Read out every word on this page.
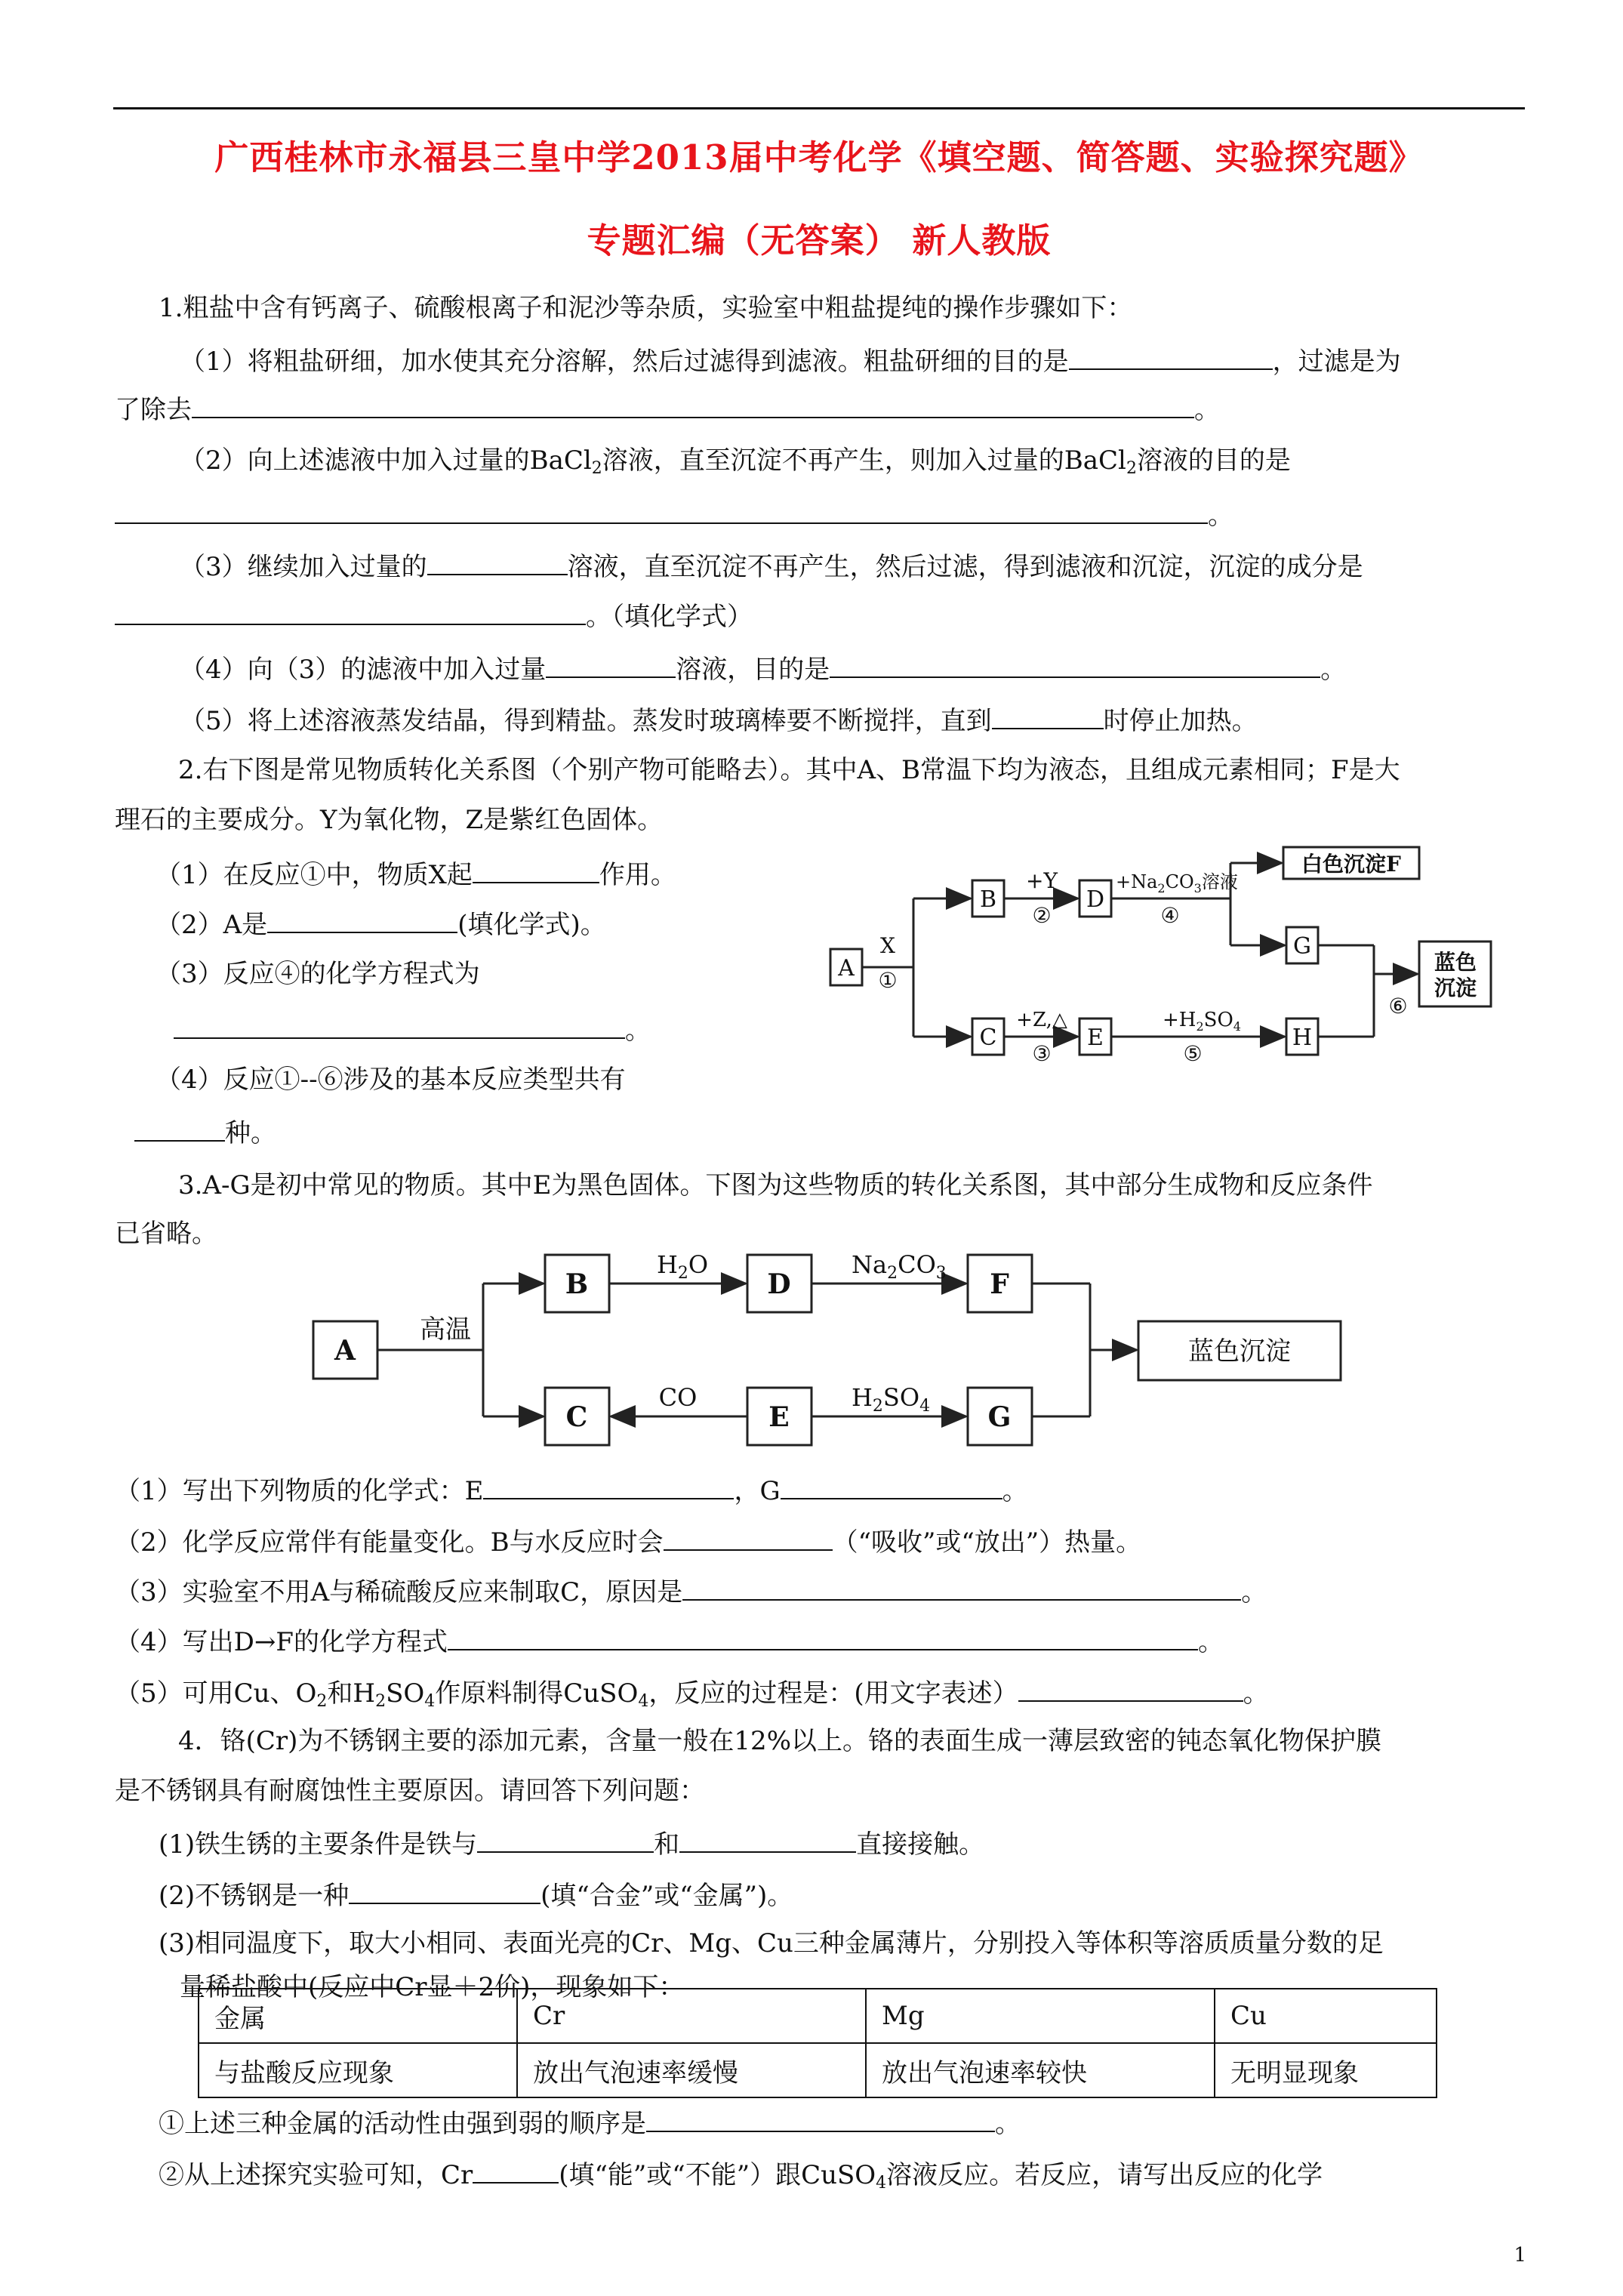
广西桂林市永福县三皇中学2013届中考化学《填空题、简答题、实验探究题》
专题汇编（无答案） 新人教版
1.粗盐中含有钙离子、硫酸根离子和泥沙等杂质，实验室中粗盐提纯的操作步骤如下：
（1）将粗盐研细，加水使其充分溶解，然后过滤得到滤液。粗盐研细的目的是	，过滤是为
了除去	。
（2）向上述滤液中加入过量的BaCl$_2$溶液，直至沉淀不再产生，则加入过量的BaCl$_2$溶液的目的是
。
（3）继续加入过量的	溶液，直至沉淀不再产生，然后过滤，得到滤液和沉淀，沉淀的成分是
。（填化学式）
（4）向（3）的滤液中加入过量	溶液，目的是	。
（5）将上述溶液蒸发结晶，得到精盐。蒸发时玻璃棒要不断搅拌，直到	时停止加热。
2.右下图是常见物质转化关系图（个别产物可能略去）。其中A、B常温下均为液态，且组成元素相同；F是大
理石的主要成分。Y为氧化物，Z是紫红色固体。
（1）在反应①中，物质X起	作用。
（2）A是	(填化学式)。
（3）反应④的化学方程式为
。
（4）反应①--⑥涉及的基本反应类型共有
种。
A
B	D
C	E
G
H
白色沉淀F
蓝色
沉淀
X
①
+Y
②	④
+Z,△
③	⑤
⑥
$+Na_2CO_3$溶液
$+H_2SO_4$
3.A-G是初中常见的物质。其中E为黑色固体。下图为这些物质的转化关系图，其中部分生成物和反应条件
已省略。
A
B	D	F
C	E	G
蓝色沉淀
高温
CO
$H_2O$	$Na_2CO_3$
$H_2SO_4$
（1）写出下列物质的化学式：E	，G	。
（2）化学反应常伴有能量变化。B与水反应时会	（“吸收”或“放出”）热量。
（3）实验室不用A与稀硫酸反应来制取C，原因是	。
（4）写出D→F的化学方程式	。
（5）可用Cu、$O_2$和$H_2SO_4$作原料制得CuSO$_4$，反应的过程是：(用文字表述）	。
4．铬(Cr)为不锈钢主要的添加元素，含量一般在12%以上。铬的表面生成一薄层致密的钝态氧化物保护膜
是不锈钢具有耐腐蚀性主要原因。请回答下列问题：
(1)铁生锈的主要条件是铁与	和	直接接触。
(2)不锈钢是一种	(填“合金”或“金属”)。
(3)相同温度下，取大小相同、表面光亮的Cr、Mg、Cu三种金属薄片，分别投入等体积等溶质质量分数的足
量稀盐酸中(反应中Cr显＋2价)，现象如下：
金属	Cr	Mg	Cu
与盐酸反应现象	放出气泡速率缓慢	放出气泡速率较快	无明显现象
①上述三种金属的活动性由强到弱的顺序是	。
②从上述探究实验可知，Cr	(填“能”或“不能”）跟CuSO$_4$溶液反应。若反应，请写出反应的化学
1
